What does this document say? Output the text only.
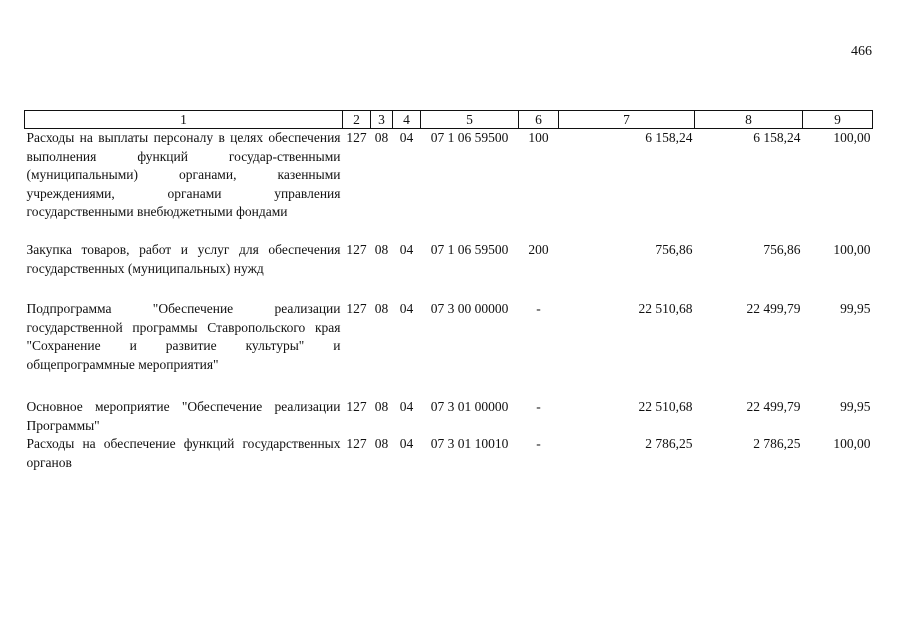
466
1	2	3	4	5	6	7	8	9
Расходы на выплаты персоналу в целях обеспечения выполнения функций государ-ственными (муниципальными) органами, казенными учреждениями, органами управления государственными внебюджетными фондами	127	08	04	07 1 06 59500	100	6 158,24	6 158,24	100,00
Закупка товаров, работ и услуг для обеспечения государственных (муниципальных) нужд	127	08	04	07 1 06 59500	200	756,86	756,86	100,00
Подпрограмма "Обеспечение реализации государственной программы Ставропольского края "Сохранение и развитие культуры" и общепрограммные мероприятия"	127	08	04	07 3 00 00000	-	22 510,68	22 499,79	99,95
Основное мероприятие "Обеспечение реализации Программы"	127	08	04	07 3 01 00000	-	22 510,68	22 499,79	99,95
Расходы на обеспечение функций государственных органов	127	08	04	07 3 01 10010	-	2 786,25	2 786,25	100,00
